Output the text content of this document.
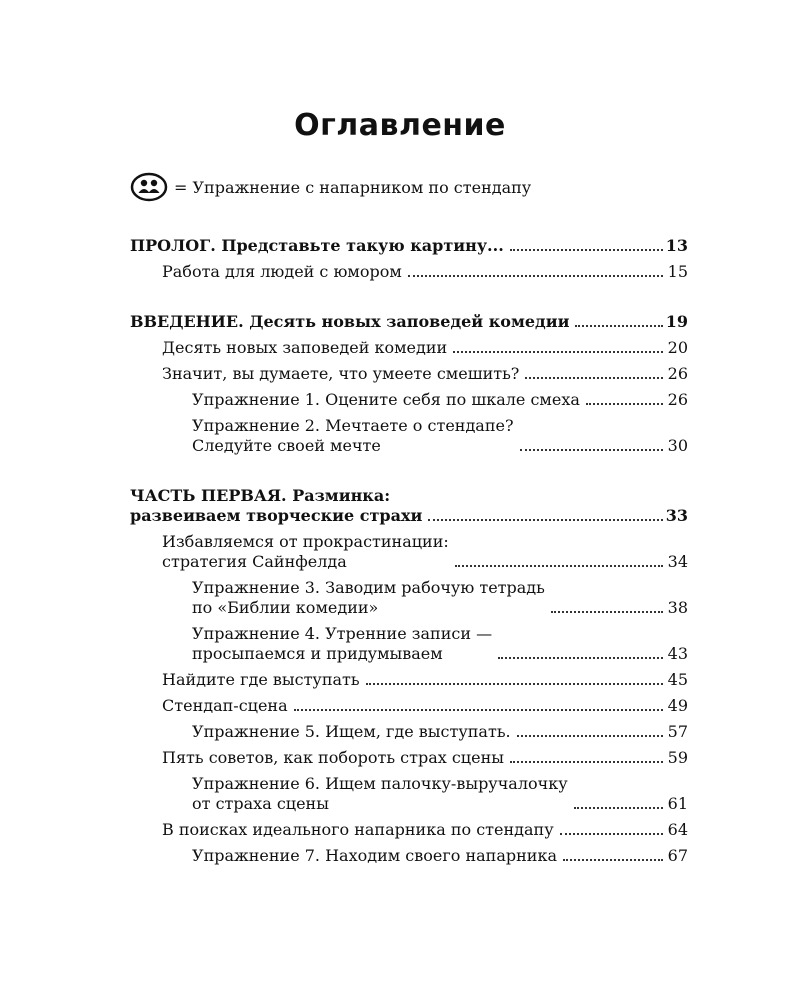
Оглавление
= Упражнение с напарником по стендапу
ПРОЛОГ. Представьте такую картину...	13
Работа для людей с юмором	15
ВВЕДЕНИЕ. Десять новых заповедей комедии	19
Десять новых заповедей комедии	20
Значит, вы думаете, что умеете смешить?	26
Упражнение 1. Оцените себя по шкале смеха	26
Упражнение 2. Мечтаете о стендапе?
Следуйте своей мечте	30
ЧАСТЬ ПЕРВАЯ. Разминка:
развеиваем творческие страхи	33
Избавляемся от прокрастинации:
стратегия Сайнфелда	34
Упражнение 3. Заводим рабочую тетрадь
по «Библии комедии»	38
Упражнение 4. Утренние записи —
просыпаемся и придумываем	43
Найдите где выступать	45
Стендап-сцена	49
Упражнение 5. Ищем, где выступать.	57
Пять советов, как побороть страх сцены	59
Упражнение 6. Ищем палочку-выручалочку
от страха сцены	61
В поисках идеального напарника по стендапу	64
Упражнение 7. Находим своего напарника	67
